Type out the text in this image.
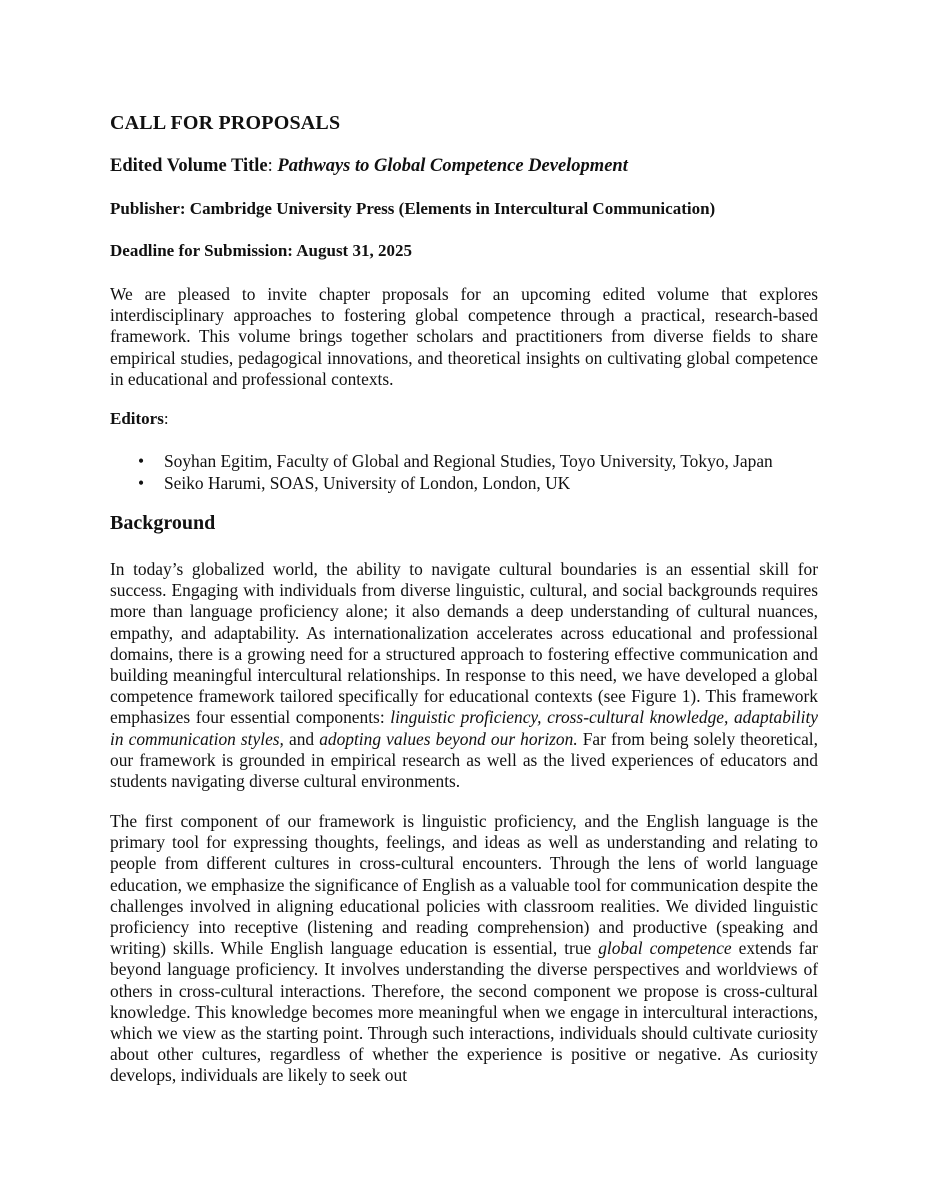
CALL FOR PROPOSALS
Edited Volume Title: Pathways to Global Competence Development
Publisher: Cambridge University Press (Elements in Intercultural Communication)
Deadline for Submission: August 31, 2025

We are pleased to invite chapter proposals for an upcoming edited volume that explores interdisciplinary approaches to fostering global competence through a practical, research-based framework. This volume brings together scholars and practitioners from diverse fields to share empirical studies, pedagogical innovations, and theoretical insights on cultivating global competence in educational and professional contexts.

Editors:
• Soyhan Egitim, Faculty of Global and Regional Studies, Toyo University, Tokyo, Japan
• Seiko Harumi, SOAS, University of London, London, UK
Background

In today’s globalized world, the ability to navigate cultural boundaries is an essential skill for success. Engaging with individuals from diverse linguistic, cultural, and social backgrounds requires more than language proficiency alone; it also demands a deep understanding of cultural nuances, empathy, and adaptability. As internationalization accelerates across educational and professional domains, there is a growing need for a structured approach to fostering effective communication and building meaningful intercultural relationships. In response to this need, we have developed a global competence framework tailored specifically for educational contexts (see Figure 1). This framework emphasizes four essential components: linguistic proficiency, cross-cultural knowledge, adaptability in communication styles, and adopting values beyond our horizon. Far from being solely theoretical, our framework is grounded in empirical research as well as the lived experiences of educators and students navigating diverse cultural environments.

The first component of our framework is linguistic proficiency, and the English language is the primary tool for expressing thoughts, feelings, and ideas as well as understanding and relating to people from different cultures in cross-cultural encounters. Through the lens of world language education, we emphasize the significance of English as a valuable tool for communication despite the challenges involved in aligning educational policies with classroom realities. We divided linguistic proficiency into receptive (listening and reading comprehension) and productive (speaking and writing) skills. While English language education is essential, true global competence extends far beyond language proficiency. It involves understanding the diverse perspectives and worldviews of others in cross-cultural interactions. Therefore, the second component we propose is cross-cultural knowledge. This knowledge becomes more meaningful when we engage in intercultural interactions, which we view as the starting point. Through such interactions, individuals should cultivate curiosity about other cultures, regardless of whether the experience is positive or negative. As curiosity develops, individuals are likely to seek out
